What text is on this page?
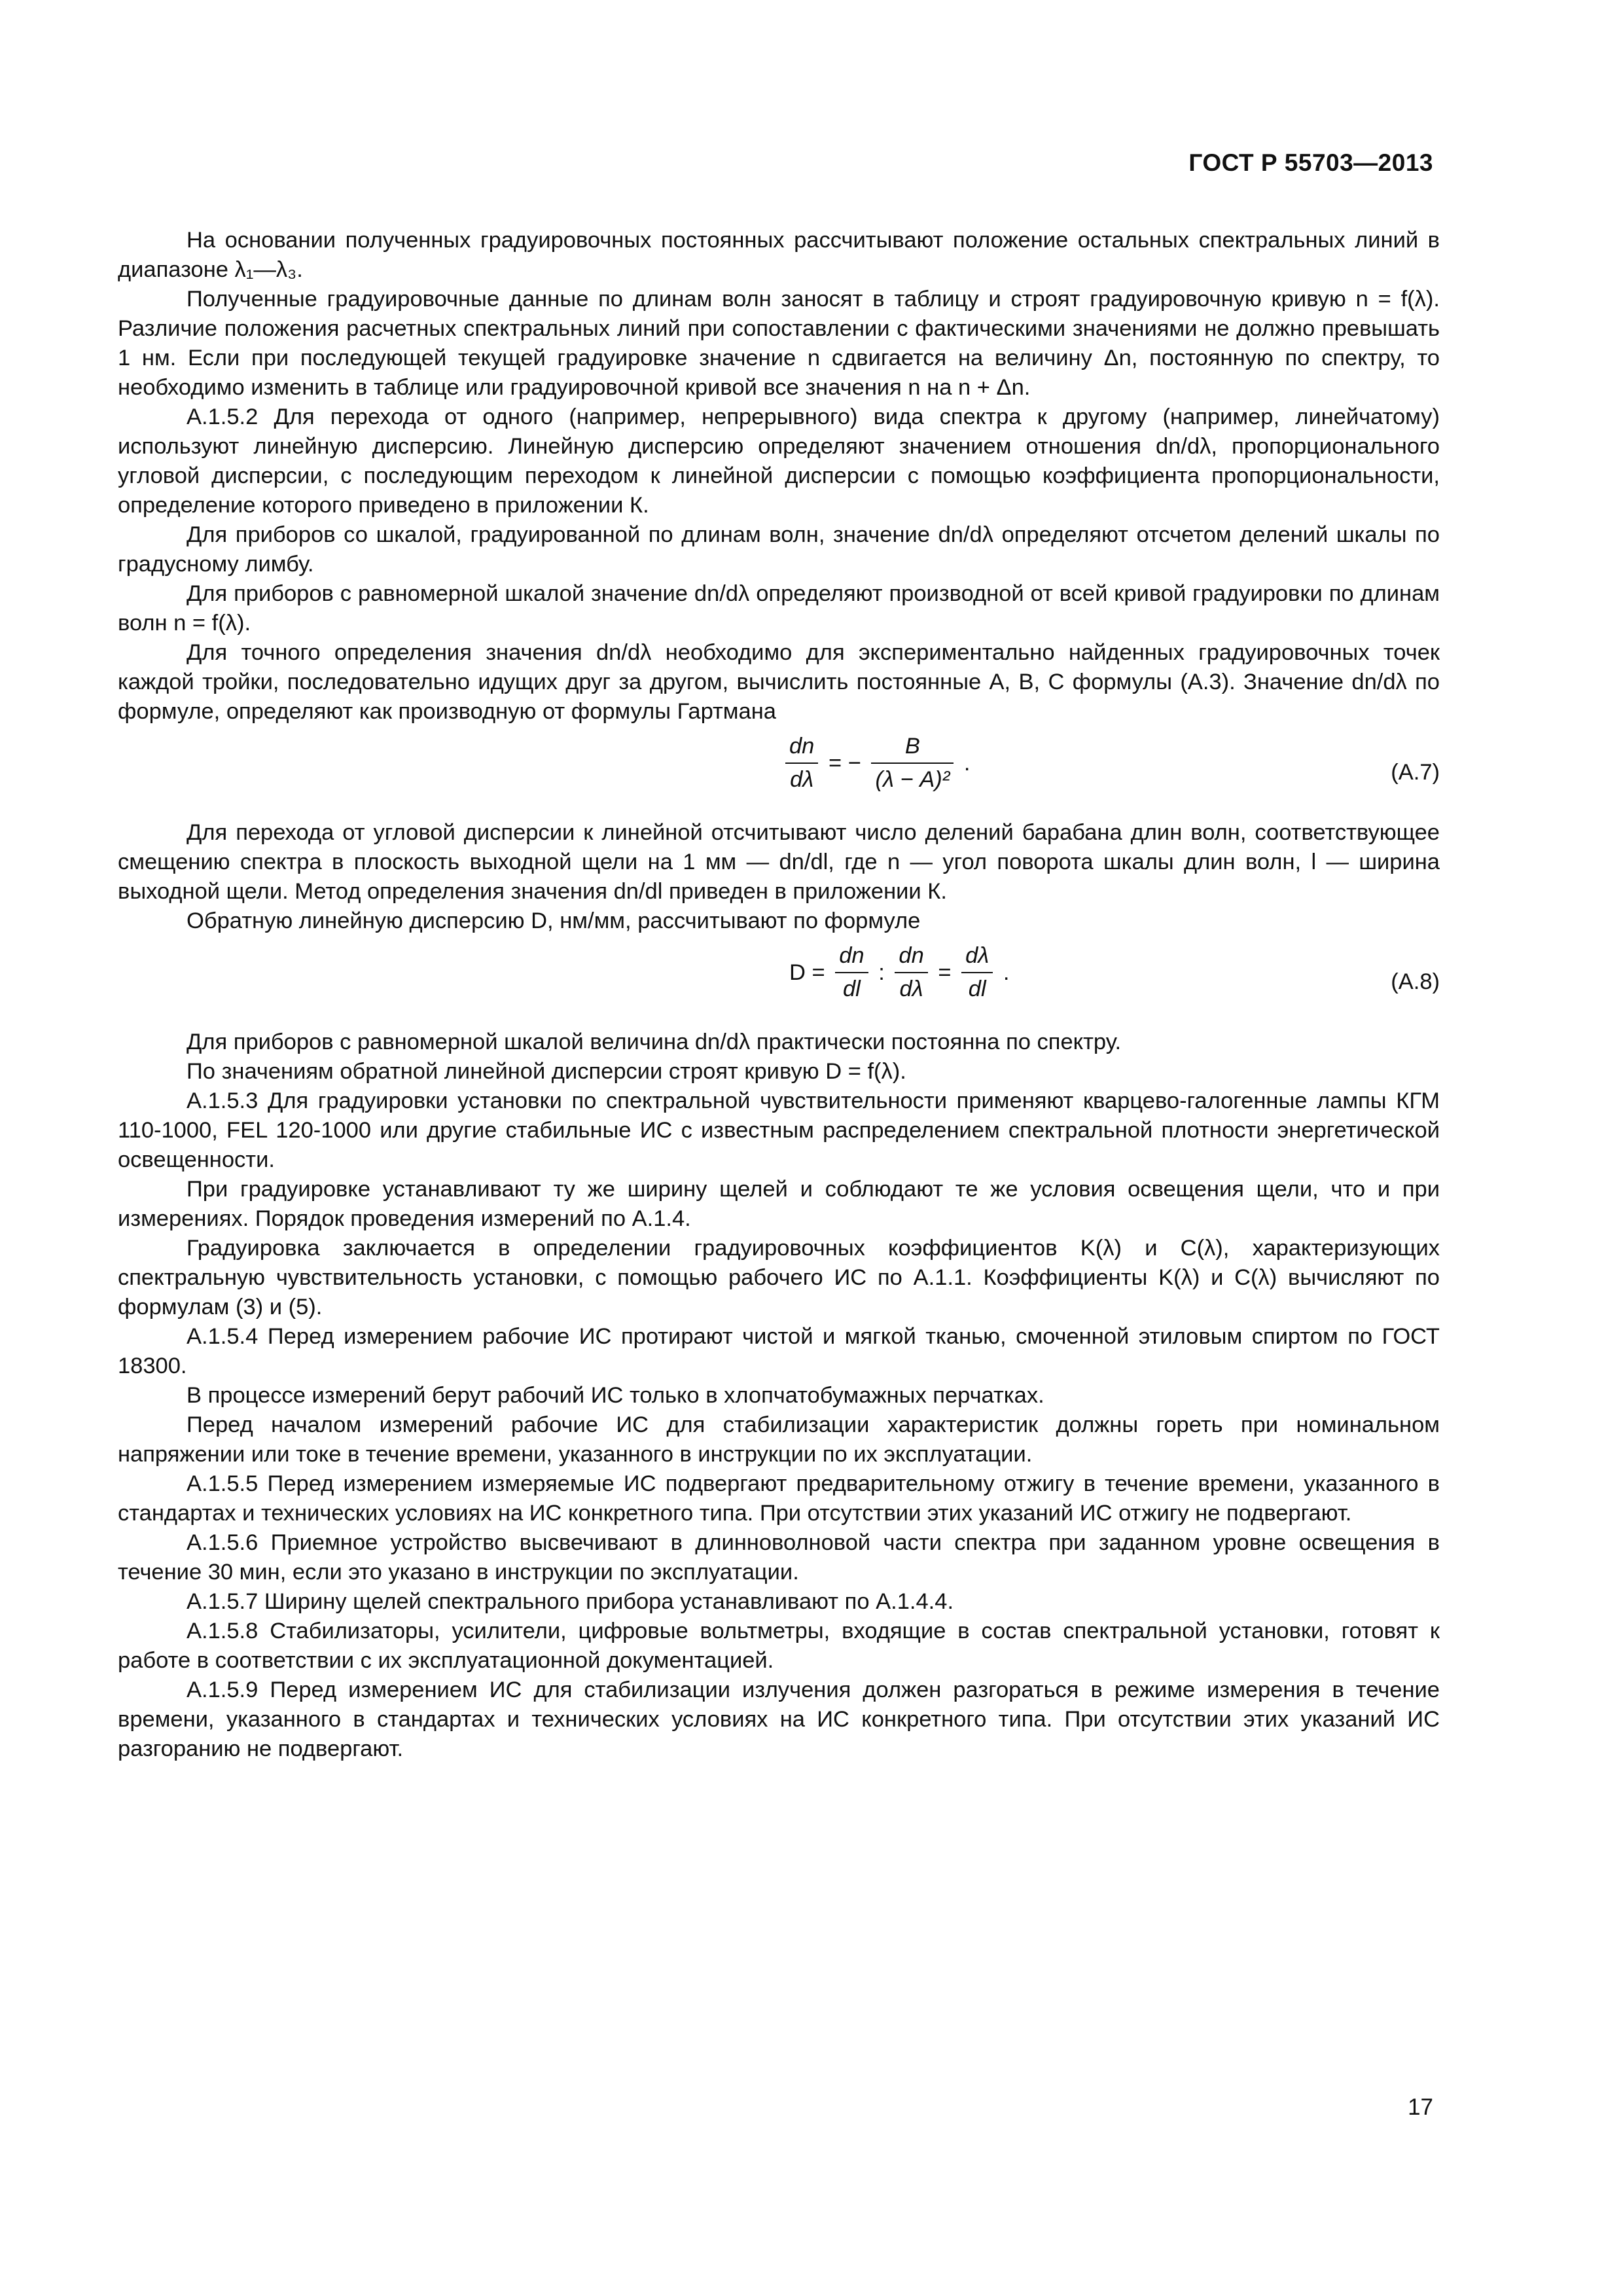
ГОСТ Р 55703—2013

На основании полученных градуировочных постоянных рассчитывают положение остальных спектральных линий в диапазоне λ₁—λ₃.

Полученные градуировочные данные по длинам волн заносят в таблицу и строят градуировочную кривую n = f(λ). Различие положения расчетных спектральных линий при сопоставлении с фактическими значениями не должно превышать 1 нм. Если при последующей текущей градуировке значение n сдвигается на величину Δn, постоянную по спектру, то необходимо изменить в таблице или градуировочной кривой все значения n на n + Δn.

А.1.5.2 Для перехода от одного (например, непрерывного) вида спектра к другому (например, линейчатому) используют линейную дисперсию. Линейную дисперсию определяют значением отношения dn/dλ, пропорционального угловой дисперсии, с последующим переходом к линейной дисперсии с помощью коэффициента пропорциональности, определение которого приведено в приложении К.

Для приборов со шкалой, градуированной по длинам волн, значение dn/dλ определяют отсчетом делений шкалы по градусному лимбу.

Для приборов с равномерной шкалой значение dn/dλ определяют производной от всей кривой градуировки по длинам волн n = f(λ).

Для точного определения значения dn/dλ необходимо для экспериментально найденных градуировочных точек каждой тройки, последовательно идущих друг за другом, вычислить постоянные A, B, C формулы (А.3). Значение dn/dλ по формуле, определяют как производную от формулы Гартмана

$\frac{dn}{d\lambda}$ = − $\frac{B}{\text{(λ − A)²}}$ .	(А.7)

Для перехода от угловой дисперсии к линейной отсчитывают число делений барабана длин волн, соответствующее смещению спектра в плоскость выходной щели на 1 мм — dn/dl, где n — угол поворота шкалы длин волн, l — ширина выходной щели. Метод определения значения dn/dl приведен в приложении К.

Обратную линейную дисперсию D, нм/мм, рассчитывают по формуле

$D = \frac{dn}{dl}$ : $\frac{dn}{d\lambda} = \frac{d\lambda}{dl}$ .	(А.8)

Для приборов с равномерной шкалой величина dn/dλ практически постоянна по спектру.

По значениям обратной линейной дисперсии строят кривую D = f(λ).

А.1.5.3 Для градуировки установки по спектральной чувствительности применяют кварцево-галогенные лампы КГМ 110-1000, FEL 120-1000 или другие стабильные ИС с известным распределением спектральной плотности энергетической освещенности.

При градуировке устанавливают ту же ширину щелей и соблюдают те же условия освещения щели, что и при измерениях. Порядок проведения измерений по А.1.4.

Градуировка заключается в определении градуировочных коэффициентов K(λ) и C(λ), характеризующих спектральную чувствительность установки, с помощью рабочего ИС по А.1.1. Коэффициенты K(λ) и C(λ) вычисляют по формулам (3) и (5).

А.1.5.4 Перед измерением рабочие ИС протирают чистой и мягкой тканью, смоченной этиловым спиртом по ГОСТ 18300.

В процессе измерений берут рабочий ИС только в хлопчатобумажных перчатках.

Перед началом измерений рабочие ИС для стабилизации характеристик должны гореть при номинальном напряжении или токе в течение времени, указанного в инструкции по их эксплуатации.

А.1.5.5 Перед измерением измеряемые ИС подвергают предварительному отжигу в течение времени, указанного в стандартах и технических условиях на ИС конкретного типа. При отсутствии этих указаний ИС отжигу не подвергают.

А.1.5.6 Приемное устройство высвечивают в длинноволновой части спектра при заданном уровне освещения в течение 30 мин, если это указано в инструкции по эксплуатации.

А.1.5.7 Ширину щелей спектрального прибора устанавливают по А.1.4.4.

А.1.5.8 Стабилизаторы, усилители, цифровые вольтметры, входящие в состав спектральной установки, готовят к работе в соответствии с их эксплуатационной документацией.

А.1.5.9 Перед измерением ИС для стабилизации излучения должен разгораться в режиме измерения в течение времени, указанного в стандартах и технических условиях на ИС конкретного типа. При отсутствии этих указаний ИС разгоранию не подвергают.

17
